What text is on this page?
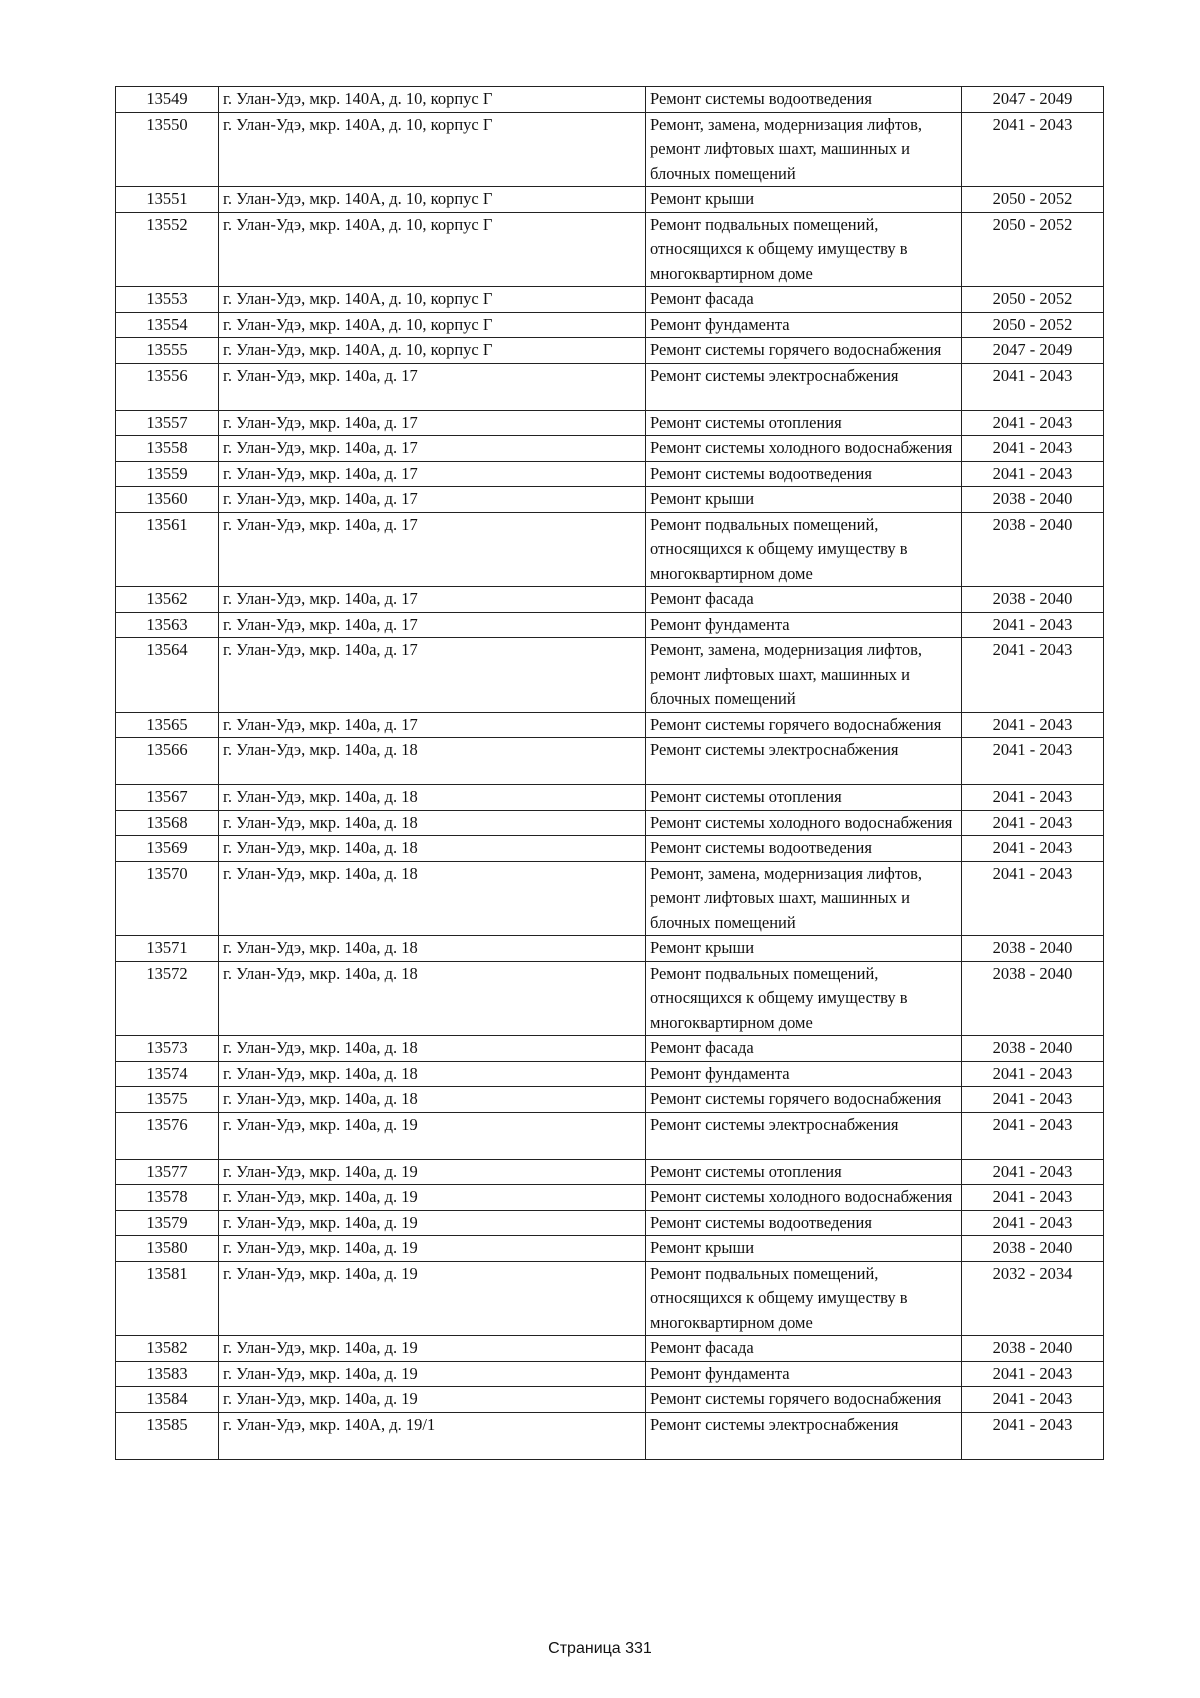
13549	г. Улан-Удэ, мкр. 140А, д. 10, корпус Г	Ремонт системы водоотведения	2047 - 2049
13550	г. Улан-Удэ, мкр. 140А, д. 10, корпус Г	Ремонт, замена, модернизация лифтов, ремонт лифтовых шахт, машинных и блочных помещений	2041 - 2043
13551	г. Улан-Удэ, мкр. 140А, д. 10, корпус Г	Ремонт крыши	2050 - 2052
13552	г. Улан-Удэ, мкр. 140А, д. 10, корпус Г	Ремонт подвальных помещений, относящихся к общему имуществу в многоквартирном доме	2050 - 2052
13553	г. Улан-Удэ, мкр. 140А, д. 10, корпус Г	Ремонт фасада	2050 - 2052
13554	г. Улан-Удэ, мкр. 140А, д. 10, корпус Г	Ремонт фундамента	2050 - 2052
13555	г. Улан-Удэ, мкр. 140А, д. 10, корпус Г	Ремонт системы горячего водоснабжения	2047 - 2049
13556	г. Улан-Удэ, мкр. 140а, д. 17	Ремонт системы электроснабжения	2041 - 2043
13557	г. Улан-Удэ, мкр. 140а, д. 17	Ремонт системы отопления	2041 - 2043
13558	г. Улан-Удэ, мкр. 140а, д. 17	Ремонт системы холодного водоснабжения	2041 - 2043
13559	г. Улан-Удэ, мкр. 140а, д. 17	Ремонт системы водоотведения	2041 - 2043
13560	г. Улан-Удэ, мкр. 140а, д. 17	Ремонт крыши	2038 - 2040
13561	г. Улан-Удэ, мкр. 140а, д. 17	Ремонт подвальных помещений, относящихся к общему имуществу в многоквартирном доме	2038 - 2040
13562	г. Улан-Удэ, мкр. 140а, д. 17	Ремонт фасада	2038 - 2040
13563	г. Улан-Удэ, мкр. 140а, д. 17	Ремонт фундамента	2041 - 2043
13564	г. Улан-Удэ, мкр. 140а, д. 17	Ремонт, замена, модернизация лифтов, ремонт лифтовых шахт, машинных и блочных помещений	2041 - 2043
13565	г. Улан-Удэ, мкр. 140а, д. 17	Ремонт системы горячего водоснабжения	2041 - 2043
13566	г. Улан-Удэ, мкр. 140а, д. 18	Ремонт системы электроснабжения	2041 - 2043
13567	г. Улан-Удэ, мкр. 140а, д. 18	Ремонт системы отопления	2041 - 2043
13568	г. Улан-Удэ, мкр. 140а, д. 18	Ремонт системы холодного водоснабжения	2041 - 2043
13569	г. Улан-Удэ, мкр. 140а, д. 18	Ремонт системы водоотведения	2041 - 2043
13570	г. Улан-Удэ, мкр. 140а, д. 18	Ремонт, замена, модернизация лифтов, ремонт лифтовых шахт, машинных и блочных помещений	2041 - 2043
13571	г. Улан-Удэ, мкр. 140а, д. 18	Ремонт крыши	2038 - 2040
13572	г. Улан-Удэ, мкр. 140а, д. 18	Ремонт подвальных помещений, относящихся к общему имуществу в многоквартирном доме	2038 - 2040
13573	г. Улан-Удэ, мкр. 140а, д. 18	Ремонт фасада	2038 - 2040
13574	г. Улан-Удэ, мкр. 140а, д. 18	Ремонт фундамента	2041 - 2043
13575	г. Улан-Удэ, мкр. 140а, д. 18	Ремонт системы горячего водоснабжения	2041 - 2043
13576	г. Улан-Удэ, мкр. 140а, д. 19	Ремонт системы электроснабжения	2041 - 2043
13577	г. Улан-Удэ, мкр. 140а, д. 19	Ремонт системы отопления	2041 - 2043
13578	г. Улан-Удэ, мкр. 140а, д. 19	Ремонт системы холодного водоснабжения	2041 - 2043
13579	г. Улан-Удэ, мкр. 140а, д. 19	Ремонт системы водоотведения	2041 - 2043
13580	г. Улан-Удэ, мкр. 140а, д. 19	Ремонт крыши	2038 - 2040
13581	г. Улан-Удэ, мкр. 140а, д. 19	Ремонт подвальных помещений, относящихся к общему имуществу в многоквартирном доме	2032 - 2034
13582	г. Улан-Удэ, мкр. 140а, д. 19	Ремонт фасада	2038 - 2040
13583	г. Улан-Удэ, мкр. 140а, д. 19	Ремонт фундамента	2041 - 2043
13584	г. Улан-Удэ, мкр. 140а, д. 19	Ремонт системы горячего водоснабжения	2041 - 2043
13585	г. Улан-Удэ, мкр. 140А, д. 19/1	Ремонт системы электроснабжения	2041 - 2043
Страница 331
